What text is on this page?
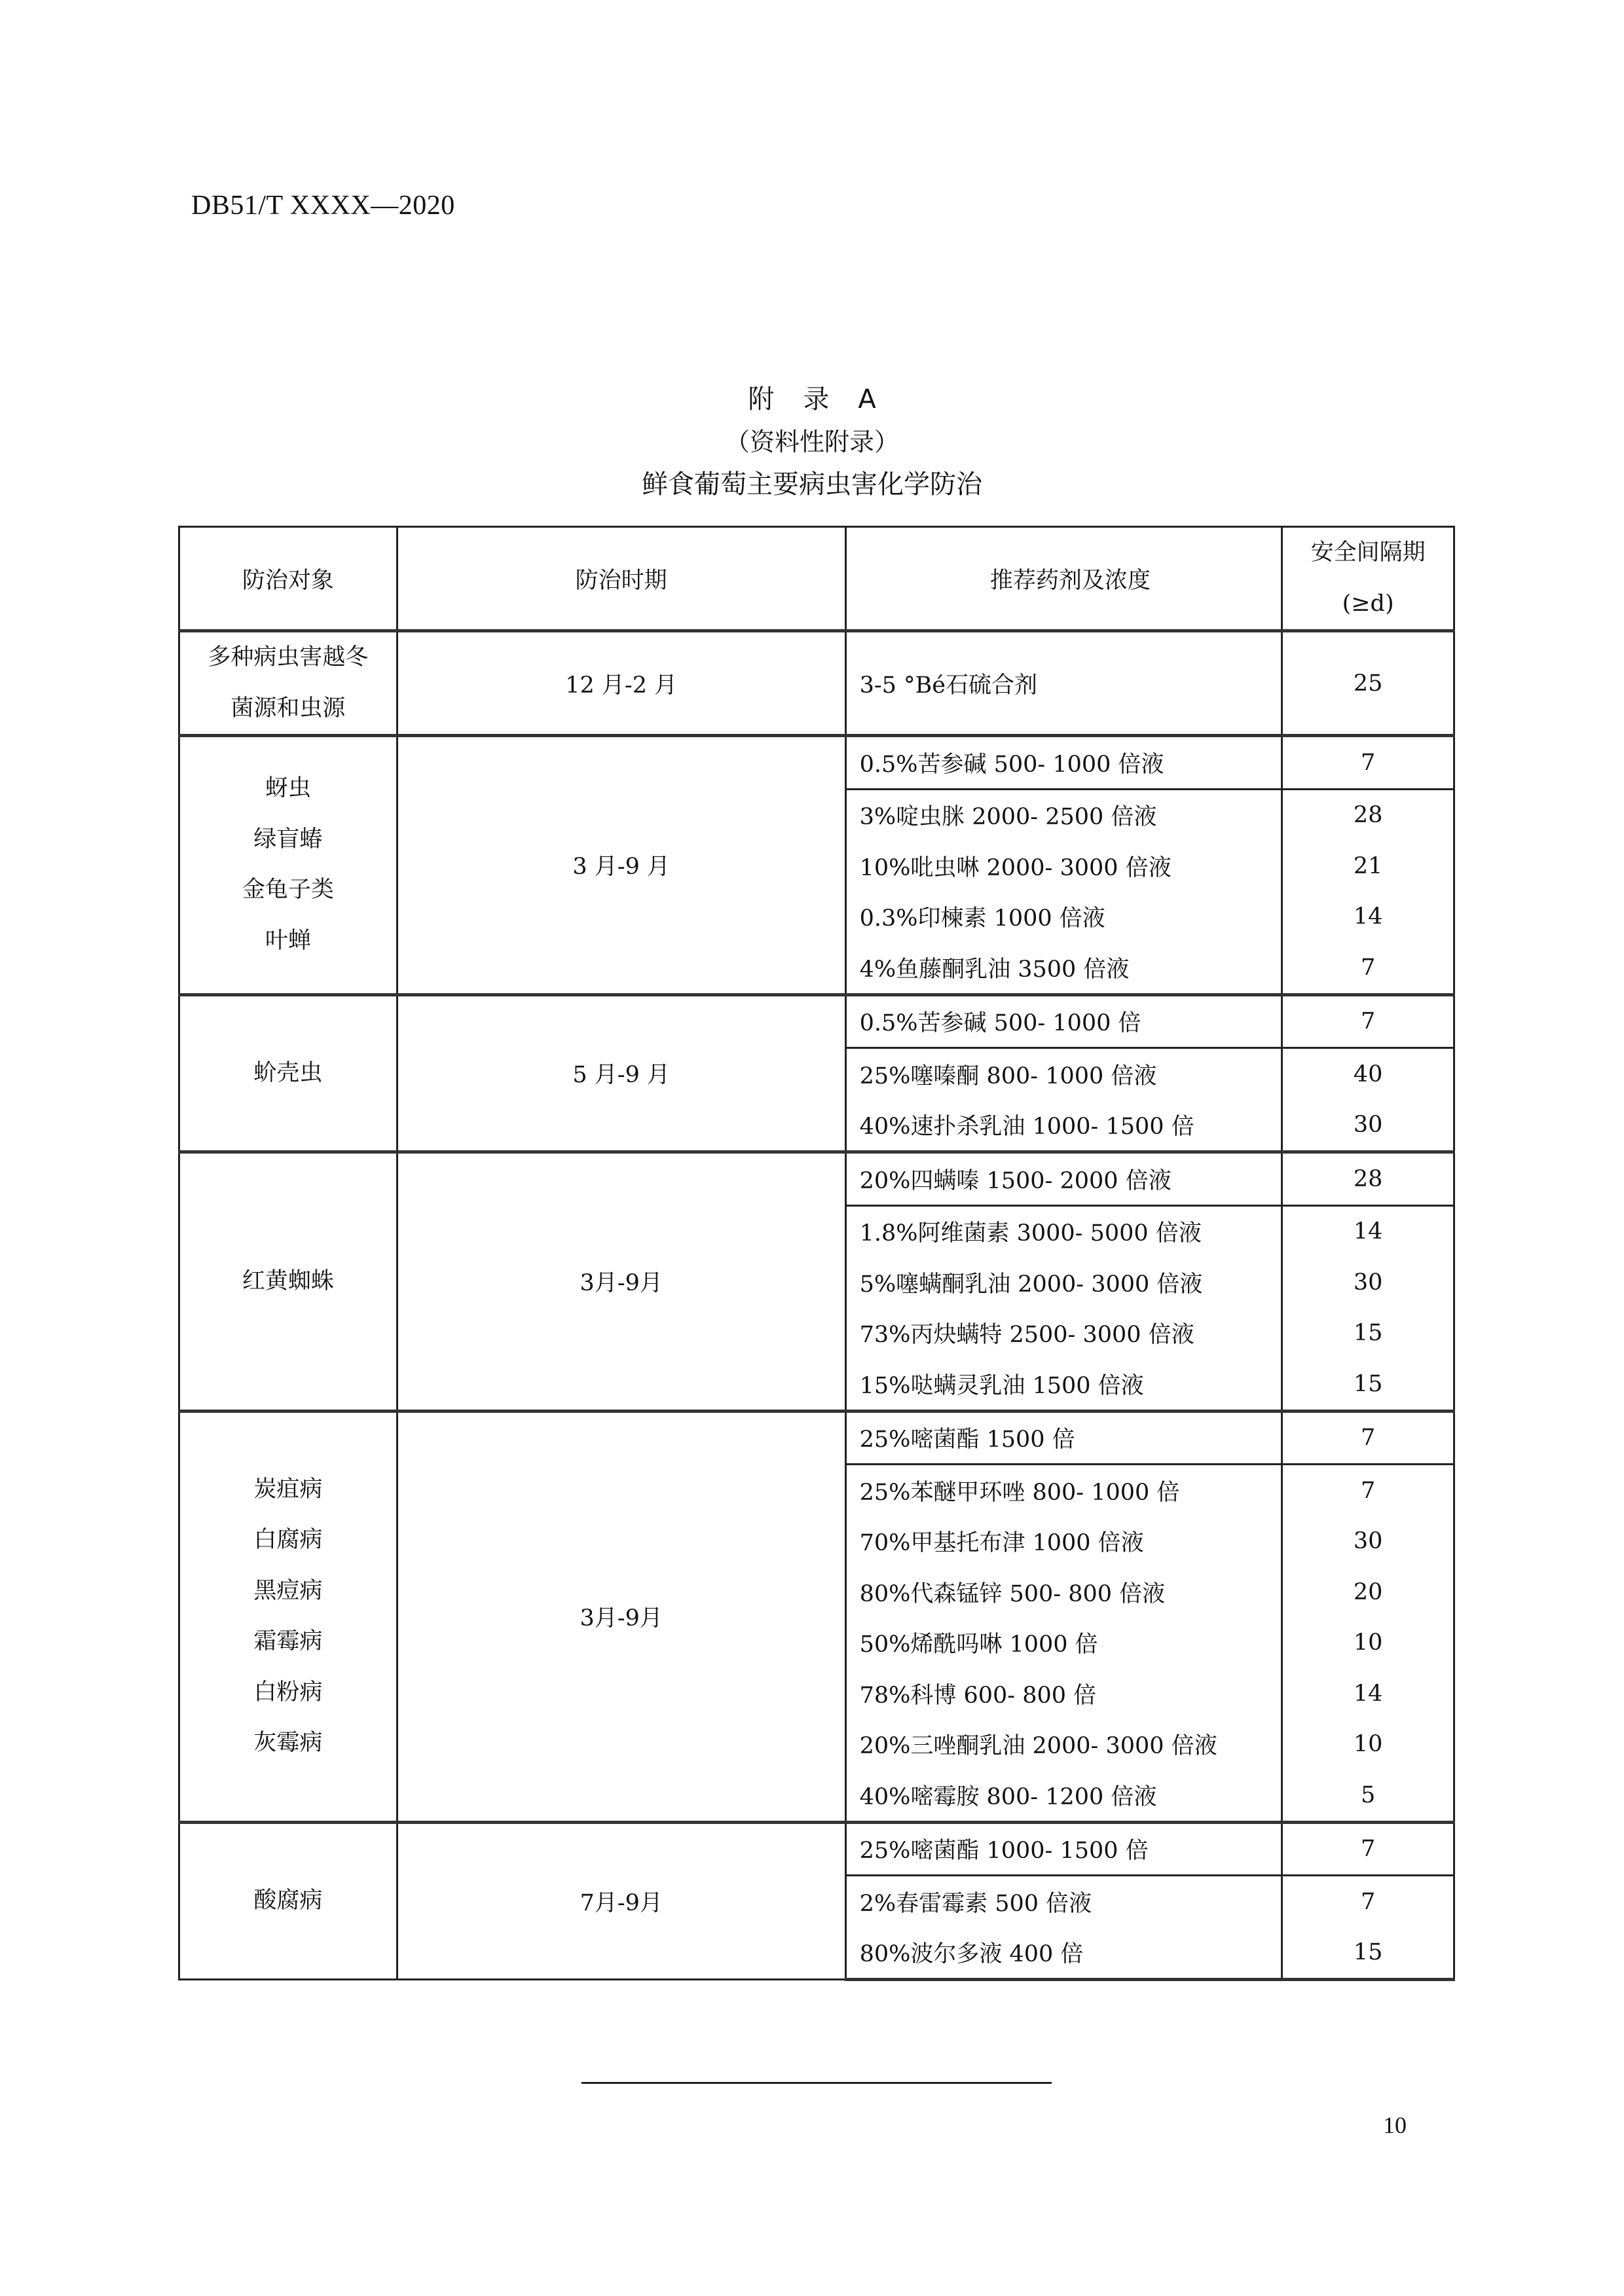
DB51/T XXXX—2020
附 录 A
（资料性附录）
鲜食葡萄主要病虫害化学防治
防治对象	防治时期	推荐药剂及浓度	安全间隔期
(≥d)

多种病虫害越冬
菌源和虫源	12 月-2 月	3-5 °Bé石硫合剂	25

蚜虫
绿盲蝽
金龟子类
叶蝉	3 月-9 月	0.5%苦参碱 500- 1000 倍液	7
		3%啶虫脒 2000- 2500 倍液	28
		10%吡虫啉 2000- 3000 倍液	21
		0.3%印楝素 1000 倍液	14
		4%鱼藤酮乳油 3500 倍液	7

蚧壳虫	5 月-9 月	0.5%苦参碱 500- 1000 倍	7
		25%噻嗪酮 800- 1000 倍液	40
		40%速扑杀乳油 1000- 1500 倍	30

红黄蜘蛛	3月-9月	20%四螨嗪 1500- 2000 倍液	28
		1.8%阿维菌素 3000- 5000 倍液	14
		5%噻螨酮乳油 2000- 3000 倍液	30
		73%丙炔螨特 2500- 3000 倍液	15
		15%哒螨灵乳油 1500 倍液	15

炭疽病
白腐病
黑痘病
霜霉病
白粉病
灰霉病
	3月-9月	25%嘧菌酯 1500 倍	7
		25%苯醚甲环唑 800- 1000 倍	7
		70%甲基托布津 1000 倍液	30
		80%代森锰锌 500- 800 倍液	20
		50%烯酰吗啉 1000 倍	10
		78%科博 600- 800 倍	14
		20%三唑酮乳油 2000- 3000 倍液	10
		40%嘧霉胺 800- 1200 倍液	5

酸腐病	7月-9月	25%嘧菌酯 1000- 1500 倍	7
		2%春雷霉素 500 倍液	7
		80%波尔多液 400 倍	15
10
